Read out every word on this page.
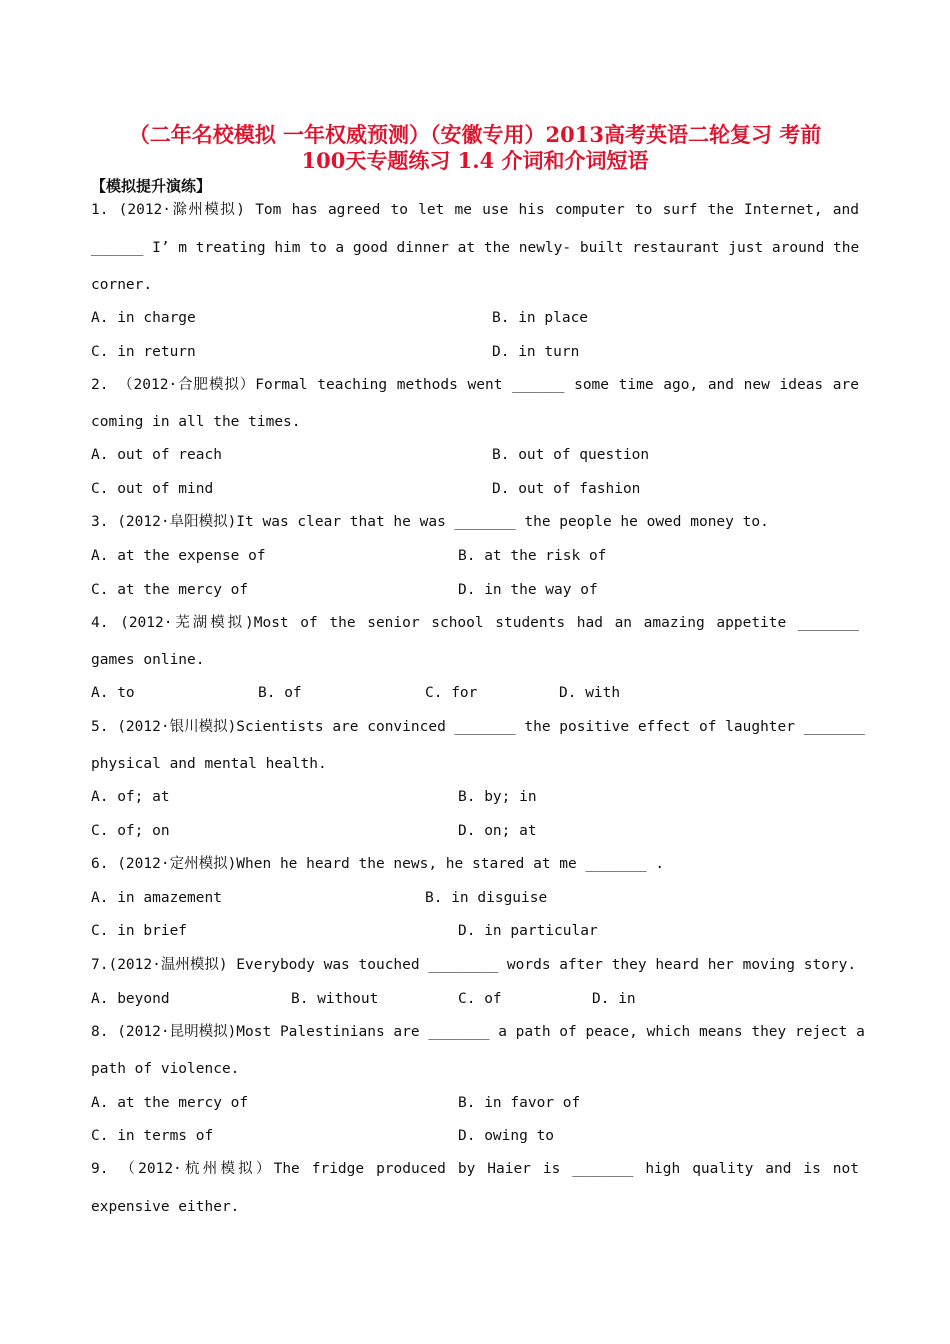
（二年名校模拟 一年权威预测）（安徽专用）2013高考英语二轮复习 考前
100天专题练习 1.4 介词和介词短语
【模拟提升演练】
1. (2012·滁州模拟) Tom has agreed to let me use his computer to surf the Internet, and
______ I’ m treating him to a good dinner at the newly- built restaurant just around the
corner.
A. in charge	B. in place
C. in return	D. in turn
2. （2012·合肥模拟）Formal teaching methods went ______ some time ago, and new ideas are
coming in all the times.
A. out of reach	B. out of question
C. out of mind	D. out of fashion
3. (2012·阜阳模拟)It was clear that he was _______ the people he owed money to.
A. at the expense of	B. at the risk of
C. at the mercy of	D. in the way of
4. (2012·芜湖模拟)Most of the senior school students had an amazing appetite _______
games online.
A. to	B. of	C. for	D. with
5. (2012·银川模拟)Scientists are convinced _______ the positive effect of laughter _______
physical and mental health.
A. of; at	B. by; in
C. of; on	D. on; at
6. (2012·定州模拟)When he heard the news, he stared at me _______ .
A. in amazement	B. in disguise
C. in brief	D. in particular
7.(2012·温州模拟) Everybody was touched ________ words after they heard her moving story.
A. beyond	B. without	C. of	D. in
8. (2012·昆明模拟)Most Palestinians are _______ a path of peace, which means they reject a
path of violence.
A. at the mercy of	B. in favor of
C. in terms of	D. owing to
9. （2012·杭州模拟）The fridge produced by Haier is _______ high quality and is not
expensive either.
